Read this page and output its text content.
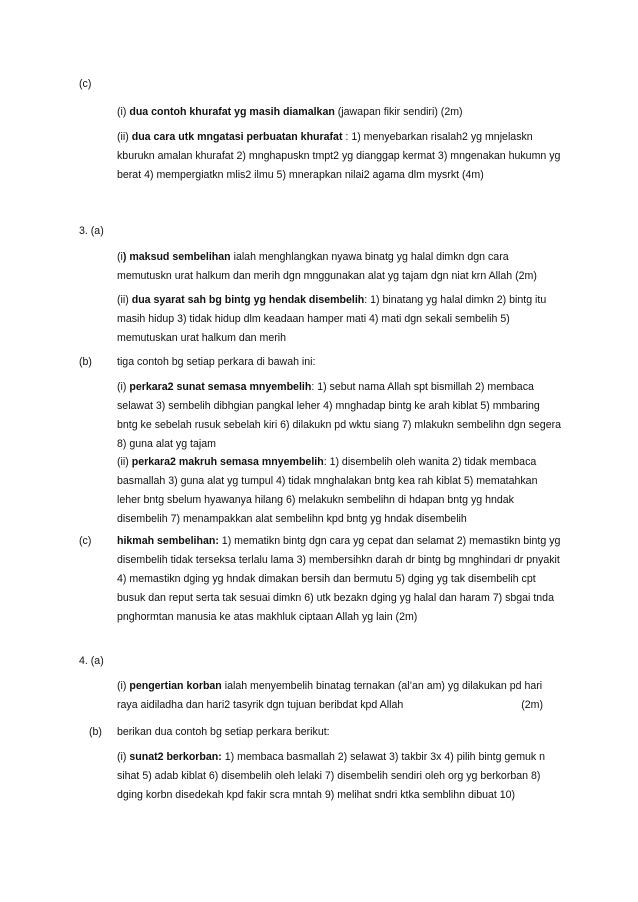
(c)
(i) dua contoh khurafat yg masih diamalkan (jawapan fikir sendiri) (2m)
(ii) dua cara utk mngatasi perbuatan khurafat : 1) menyebarkan risalah2 yg mnjelaskn kburukn amalan khurafat 2) mnghapuskn tmpt2 yg dianggap kermat 3) mngenakan hukumn yg berat 4) mempergiatkn mlis2 ilmu 5) mnerapkan nilai2 agama dlm mysrkt (4m)
3. (a)
(i) maksud sembelihan ialah menghlangkan nyawa binatg yg halal dimkn dgn cara memutuskn urat halkum dan merih dgn mnggunakan alat yg tajam dgn niat krn Allah (2m)
(ii) dua syarat sah bg bintg yg hendak disembelih: 1) binatang yg halal dimkn 2) bintg itu masih hidup 3) tidak hidup dlm keadaan hamper mati 4) mati dgn sekali sembelih 5) memutuskan urat halkum dan merih
(b) tiga contoh bg setiap perkara di bawah ini:
(i) perkara2 sunat semasa mnyembelih: 1) sebut nama Allah spt bismillah 2) membaca selawat 3) sembelih dibhgian pangkal leher 4) mnghadap bintg ke arah kiblat 5) mmbaring bntg ke sebelah rusuk sebelah kiri 6) dilakukn pd wktu siang 7) mlakukn sembelihn dgn segera 8) guna alat yg tajam
(ii) perkara2 makruh semasa mnyembelih: 1) disembelih oleh wanita 2) tidak membaca basmallah 3) guna alat yg tumpul 4) tidak mnghalakan bntg kea rah kiblat 5) mematahkan leher bntg sbelum hyawanya hilang 6) melakukn sembelihn di hdapan bntg yg hndak disembelih 7) menampakkan alat sembelihn kpd bntg yg hndak disembelih
(c) hikmah sembelihan: 1) mematikn bintg dgn cara yg cepat dan selamat 2) memastikn bintg yg disembelih tidak terseksa terlalu lama 3) membersihkn darah dr bintg bg mnghindari dr pnyakit 4) memastikn dging yg hndak dimakan bersih dan bermutu 5) dging yg tak disembelih cpt busuk dan reput serta tak sesuai dimkn 6) utk bezakn dging yg halal dan haram 7) sbgai tnda pnghormtan manusia ke atas makhluk ciptaan Allah yg lain (2m)
4. (a)
(i) pengertian korban ialah menyembelih binatag ternakan (al’an am) yg dilakukan pd hari raya aidiladha dan hari2 tasyrik dgn tujuan beribdat kpd Allah	(2m)
(b) berikan dua contoh bg setiap perkara berikut:
(i) sunat2 berkorban: 1) membaca basmallah 2) selawat 3) takbir 3x 4) pilih bintg gemuk n sihat 5) adab kiblat 6) disembelih oleh lelaki 7) disembelih sendiri oleh org yg berkorban 8) dging korbn disedekah kpd fakir scra mntah 9) melihat sndri ktka semblihn dibuat 10)
